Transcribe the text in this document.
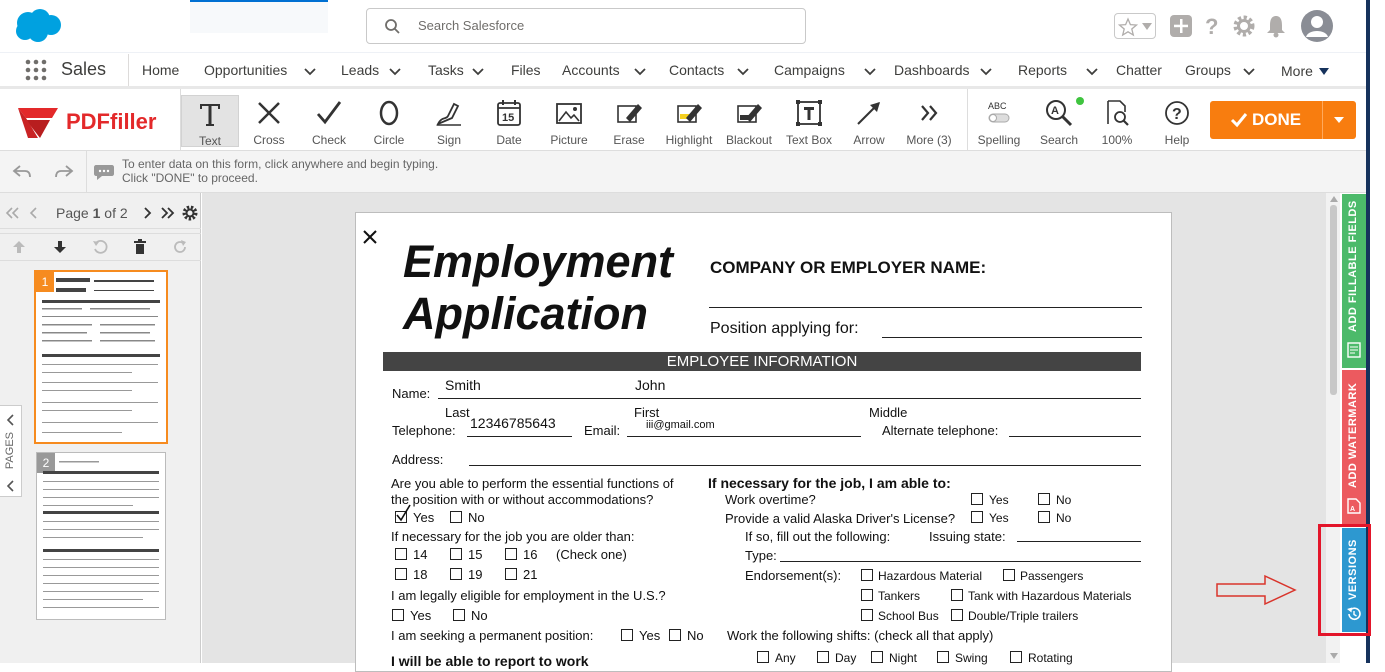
Search Salesforce	?
Sales	Home	Opportunities	Leads	Tasks	Files	Accounts	Contacts	Campaigns	Dashboards	Reports	Chatter	Groups	More
PDFfiller
Text	Cross	Check	Circle	Sign
15
Date	Picture	Erase	Highlight	Blackout	Text Box	Arrow	More (3)
ABC
Spelling
A
Search	100%
?
Help
DONE
To enter data on this form, click anywhere and begin typing.
Click "DONE" to proceed.
Page 1 of 2
PAGES
1
2
Employment
Application
COMPANY OR EMPLOYER NAME:
Position applying for:
EMPLOYEE INFORMATION
Name:
Smith	John
Last	First	Middle
Telephone: 12346785643 Email: iii@gmail.com	Alternate telephone:
Address:
Are you able to perform the essential functions of
the position with or without accommodations?
Yes	No
If necessary for the job you are older than:
14	15	16 (Check one)
18	19	21
I am legally eligible for employment in the U.S.?
Yes	No
I am seeking a permanent position:	Yes No
I will be able to report to work
If necessary for the job, I am able to:
Work overtime?	Yes	No
Provide a valid Alaska Driver's License?	Yes	No
If so, fill out the following:	Issuing state:
Type:
Endorsement(s):	Hazardous Material	Passengers
Tankers	Tank with Hazardous Materials
School Bus Double/Triple trailers
Work the following shifts: (check all that apply)
Any	Day	Night	Swing	Rotating
ADD FILLABLE FIELDS
ADD WATERMARK
A
VERSIONS
